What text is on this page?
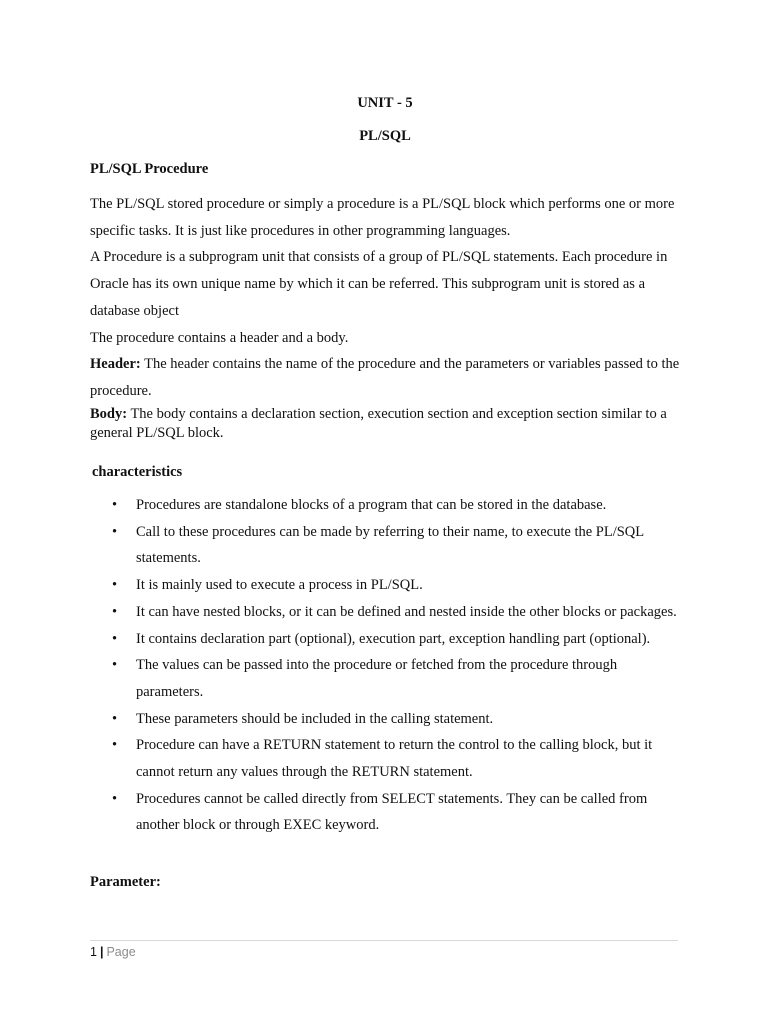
UNIT - 5
PL/SQL
PL/SQL Procedure

The PL/SQL stored procedure or simply a procedure is a PL/SQL block which performs one or more specific tasks. It is just like procedures in other programming languages.

A Procedure is a subprogram unit that consists of a group of PL/SQL statements. Each procedure in Oracle has its own unique name by which it can be referred. This subprogram unit is stored as a database object

The procedure contains a header and a body.

Header: The header contains the name of the procedure and the parameters or variables passed to the procedure.

Body: The body contains a declaration section, execution section and exception section similar to a general PL/SQL block.

characteristics
• Procedures are standalone blocks of a program that can be stored in the database.
• Call to these procedures can be made by referring to their name, to execute the PL/SQL statements.
• It is mainly used to execute a process in PL/SQL.
• It can have nested blocks, or it can be defined and nested inside the other blocks or packages.
• It contains declaration part (optional), execution part, exception handling part (optional).
• The values can be passed into the procedure or fetched from the procedure through parameters.
• These parameters should be included in the calling statement.
• Procedure can have a RETURN statement to return the control to the calling block, but it cannot return any values through the RETURN statement.
• Procedures cannot be called directly from SELECT statements. They can be called from another block or through EXEC keyword.
Parameter:
1 | Page
